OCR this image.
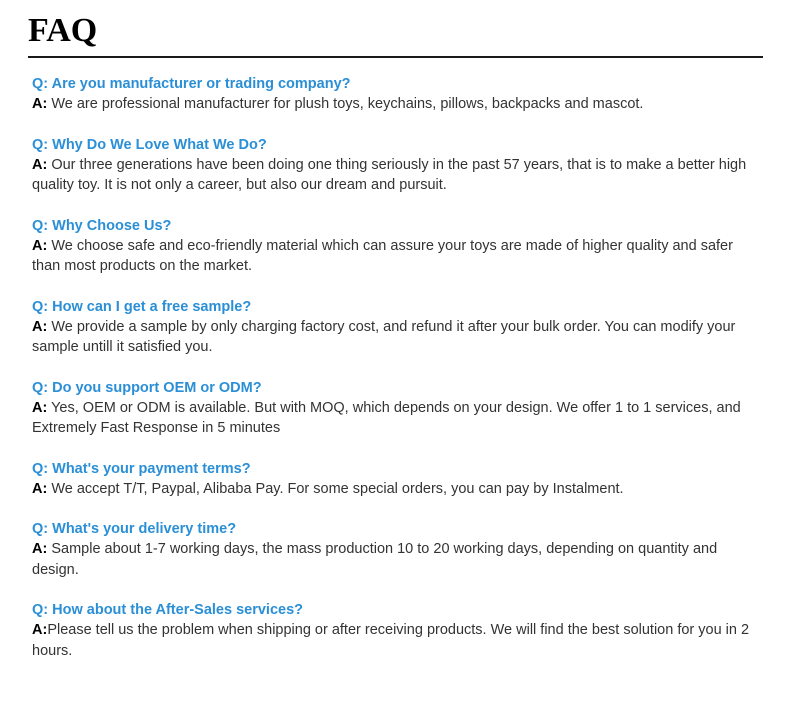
FAQ

Q: Are you manufacturer or trading company?

A: We are professional manufacturer for plush toys, keychains, pillows, backpacks and mascot.

Q: Why Do We Love What We Do?

A: Our three generations have been doing one thing seriously in the past 57 years, that is to make a better high quality toy. It is not only a career, but also our dream and pursuit.

Q: Why Choose Us?

A: We choose safe and eco-friendly material which can assure your toys are made of higher quality and safer than most products on the market.

Q: How can I get a free sample?

A: We provide a sample by only charging factory cost, and refund it after your bulk order. You can modify your sample untill it satisfied you.

Q: Do you support OEM or ODM?

A: Yes, OEM or ODM is available. But with MOQ, which depends on your design. We offer 1 to 1 services, and Extremely Fast Response in 5 minutes

Q: What's your payment terms?

A: We accept T/T, Paypal, Alibaba Pay. For some special orders, you can pay by Instalment.

Q: What's your delivery time?

A: Sample about 1-7 working days, the mass production 10 to 20 working days, depending on quantity and design.

Q: How about the After-Sales services?

A:Please tell us the problem when shipping or after receiving products. We will find the best solution for you in 2 hours.
